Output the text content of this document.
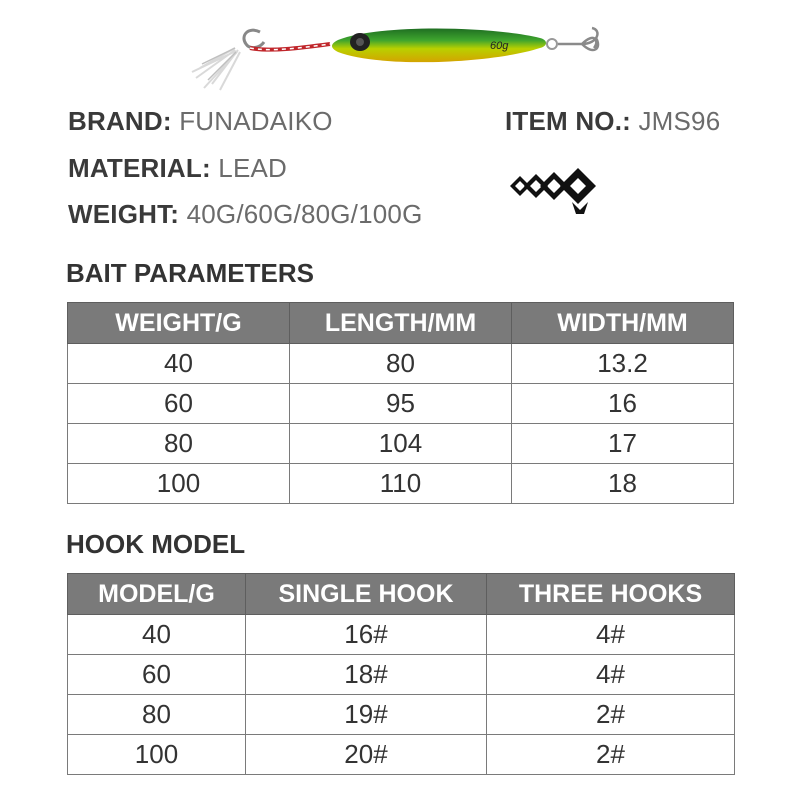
60g
BRAND: FUNADAIKO	ITEM NO.: JMS96
MATERIAL: LEAD
WEIGHT: 40G/60G/80G/100G
BAIT PARAMETERS
WEIGHT/G	LENGTH/MM	WIDTH/MM
40	80	13.2
60	95	16
80	104	17
100	110	18
HOOK MODEL
MODEL/G	SINGLE HOOK	THREE HOOKS
40	16#	4#
60	18#	4#
80	19#	2#
100	20#	2#
